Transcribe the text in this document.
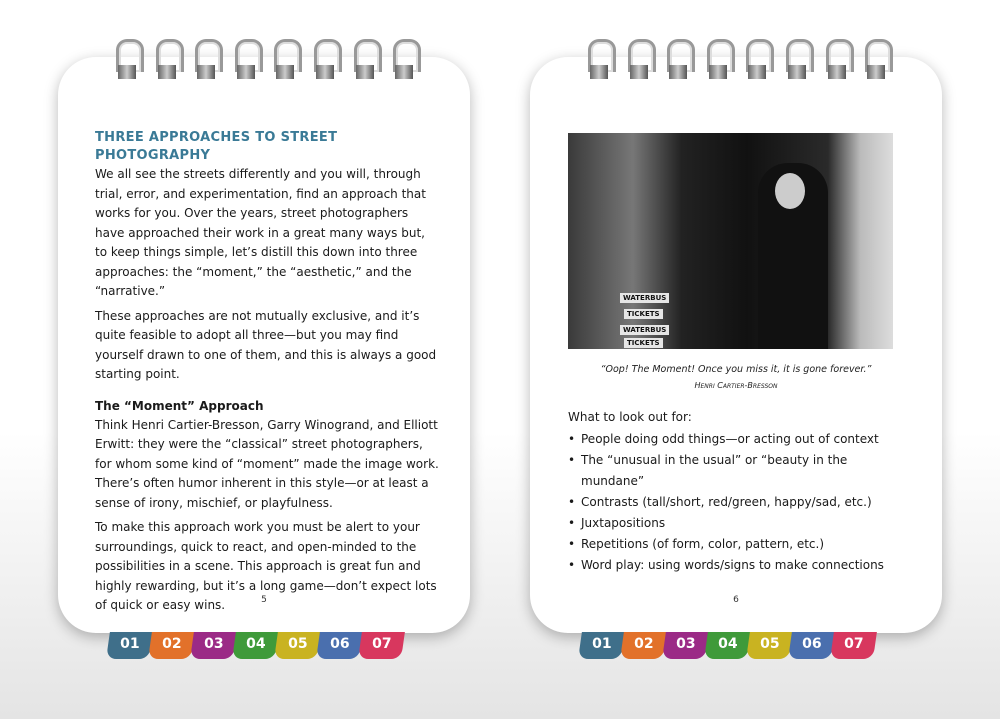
THREE APPROACHES TO STREET PHOTOGRAPHY

We all see the streets differently and you will, through trial, error, and experimentation, find an approach that works for you. Over the years, street photographers have approached their work in a great many ways but, to keep things simple, let’s distill this down into three approaches: the “moment,” the “aesthetic,” and the “narrative.”

These approaches are not mutually exclusive, and it’s quite feasible to adopt all three—but you may find yourself drawn to one of them, and this is always a good starting point.

The “Moment” Approach

Think Henri Cartier-Bresson, Garry Winogrand, and Elliott Erwitt: they were the “classical” street photographers, for whom some kind of “moment” made the image work. There’s often humor inherent in this style—or at least a sense of irony, mischief, or playfulness.

To make this approach work you must be alert to your surroundings, quick to react, and open-minded to the possibilities in a scene. This approach is great fun and highly rewarding, but it’s a long game—don’t expect lots of quick or easy wins.	5
01	02	03	04	05	06	07
WATERBUS
TICKETS
WATERBUS
TICKETS
“Oop! The Moment! Once you miss it, it is gone forever.”
Henri Cartier-Bresson
What to look out for:
• People doing odd things—or acting out of context
• The “unusual in the usual” or “beauty in the mundane”
• Contrasts (tall/short, red/green, happy/sad, etc.)
• Juxtapositions
• Repetitions (of form, color, pattern, etc.)
• Word play: using words/signs to make connections
6
01	02	03	04	05	06	07
